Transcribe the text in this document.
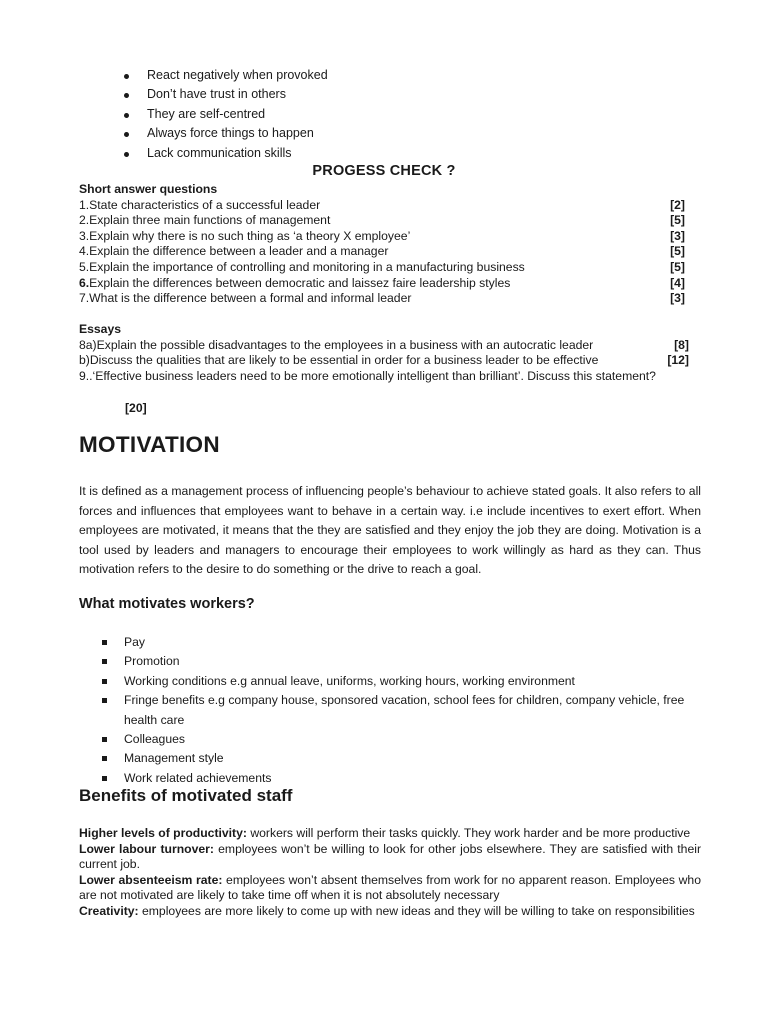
React negatively when provoked
Don’t have trust in others
They are self-centred
Always force things to happen
Lack communication skills
PROGESS CHECK ?
Short answer questions
1.State characteristics of a successful leader	[2]
2.Explain three main functions of management	[5]
3.Explain why there is no such thing as ‘a theory X employee’	[3]
4.Explain the difference between a leader and a manager	[5]
5.Explain the importance of controlling and monitoring in a manufacturing business	[5]
6.Explain the differences between democratic and laissez faire leadership styles	[4]
7.What is the difference between a formal and informal leader	[3]
Essays
8a)Explain the possible disadvantages to the employees in a business with an autocratic leader	[8]
b)Discuss the qualities that are likely to be essential in order for a business leader to be effective	[12]
9..‘Effective business leaders need to be more emotionally intelligent than brilliant’. Discuss this statement?
[20]
MOTIVATION

It is defined as a management process of influencing people’s behaviour to achieve stated goals. It also refers to all forces and influences that employees want to behave in a certain way. i.e include incentives to exert effort. When employees are motivated, it means that the they are satisfied and they enjoy the job they are doing. Motivation is a tool used by leaders and managers to encourage their employees to work willingly as hard as they can. Thus motivation refers to the desire to do something or the drive to reach a goal.

What motivates workers?
Pay
Promotion
Working conditions e.g annual leave, uniforms, working hours, working environment
Fringe benefits e.g company house, sponsored vacation, school fees for children, company vehicle, free health care
Colleagues
Management style
Work related achievements
Benefits of motivated staff
Higher levels of productivity: workers will perform their tasks quickly. They work harder and be more productive
Lower labour turnover: employees won’t be willing to look for other jobs elsewhere. They are satisfied with their current job.
Lower absenteeism rate: employees won’t absent themselves from work for no apparent reason. Employees who are not motivated are likely to take time off when it is not absolutely necessary
Creativity: employees are more likely to come up with new ideas and they will be willing to take on responsibilities
